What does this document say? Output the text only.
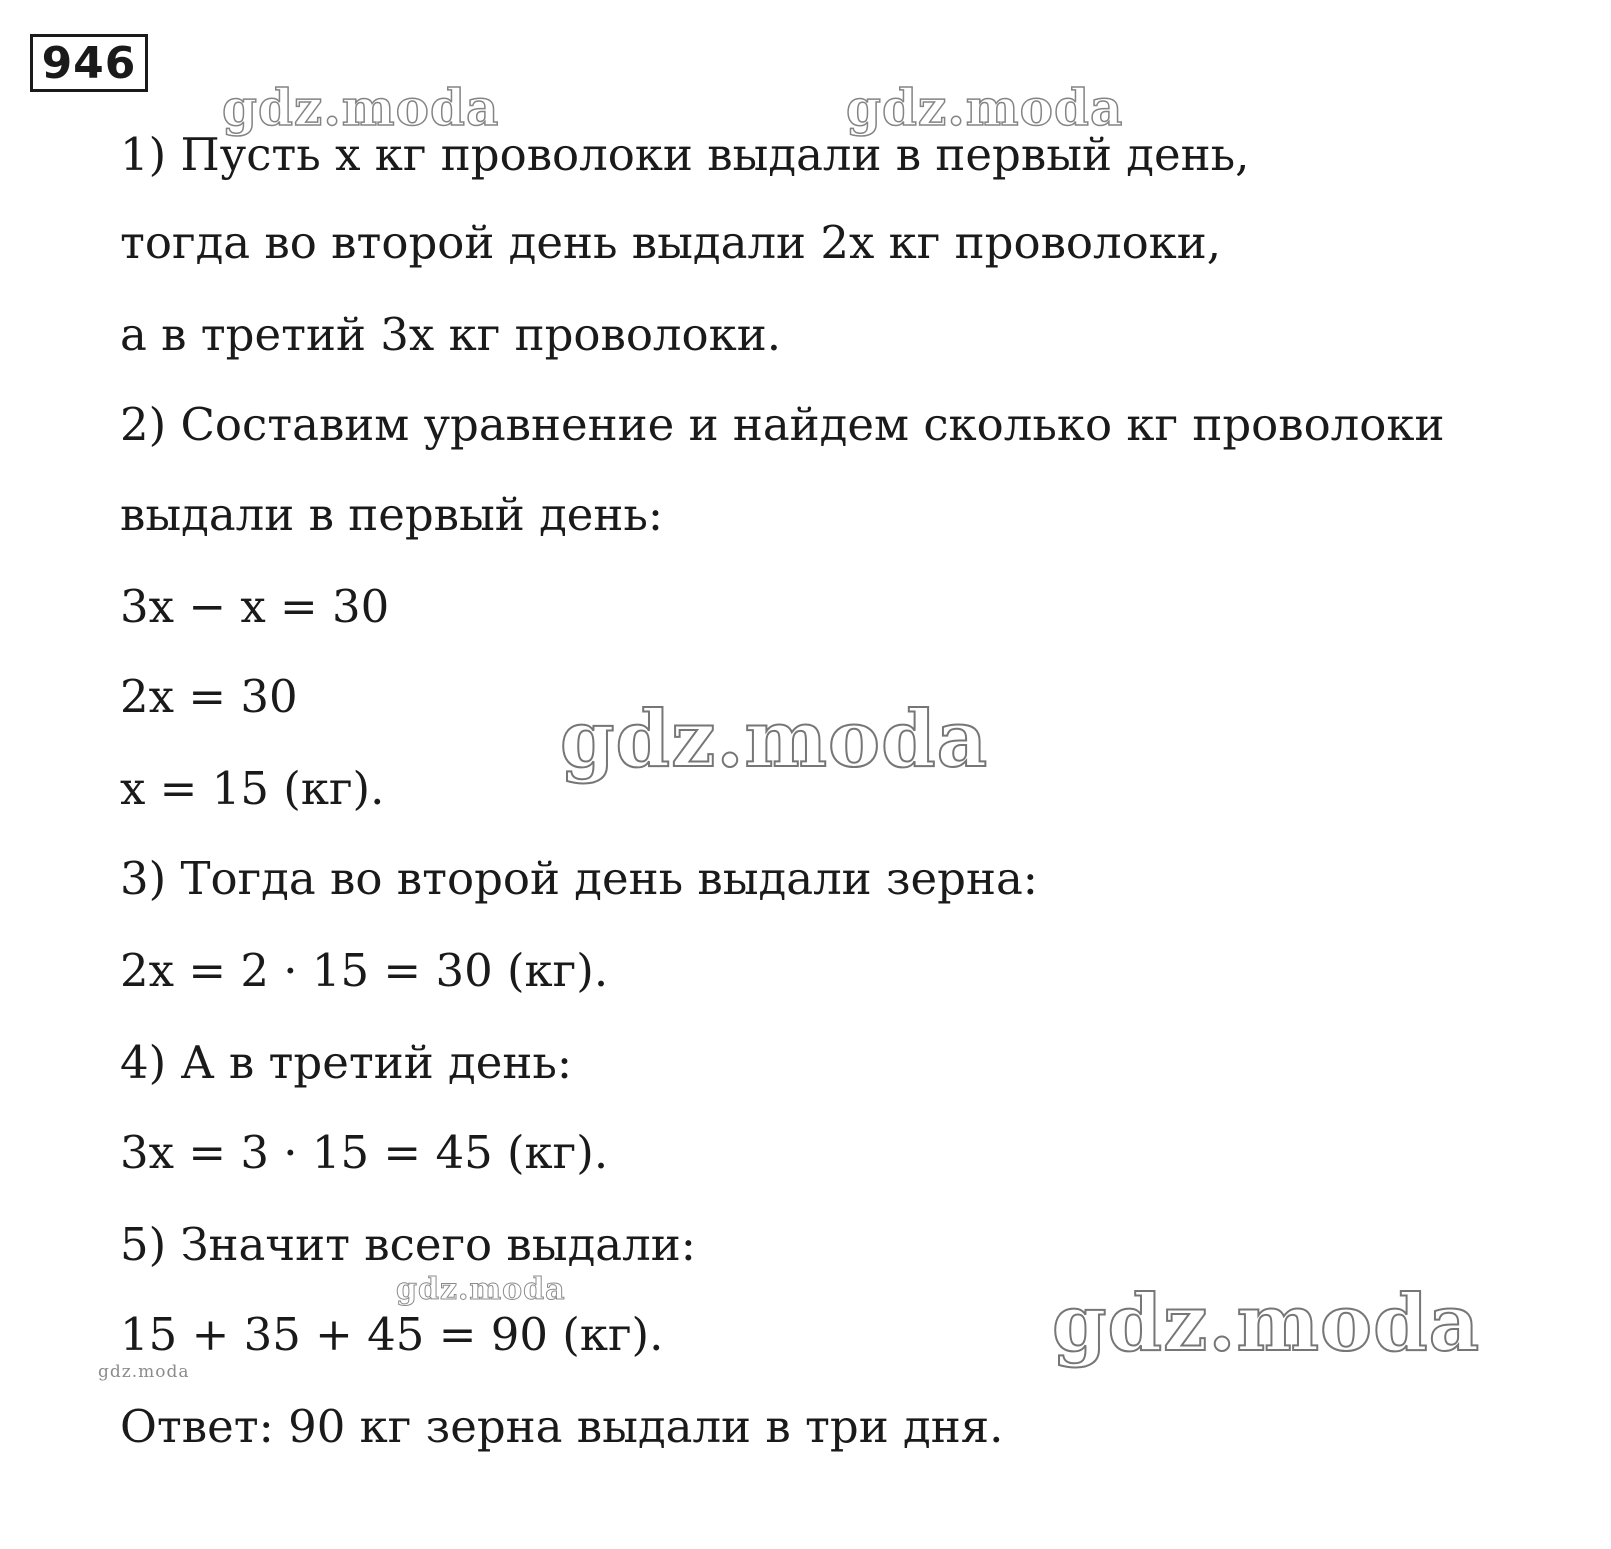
946
gdz.moda	gdz.moda
gdz.moda
gdz.moda
gdz.moda
gdz.moda
1) Пусть x кг проволоки выдали в первый день,
тогда во второй день выдали 2x кг проволоки,
а в третий 3x кг проволоки.
2) Составим уравнение и найдем сколько кг проволоки
выдали в первый день:
3x − x = 30
2x = 30
x = 15 (кг).
3) Тогда во второй день выдали зерна:
2x = 2 · 15 = 30 (кг).
4) А в третий день:
3x = 3 · 15 = 45 (кг).
5) Значит всего выдали:
15 + 35 + 45 = 90 (кг).
Ответ: 90 кг зерна выдали в три дня.
